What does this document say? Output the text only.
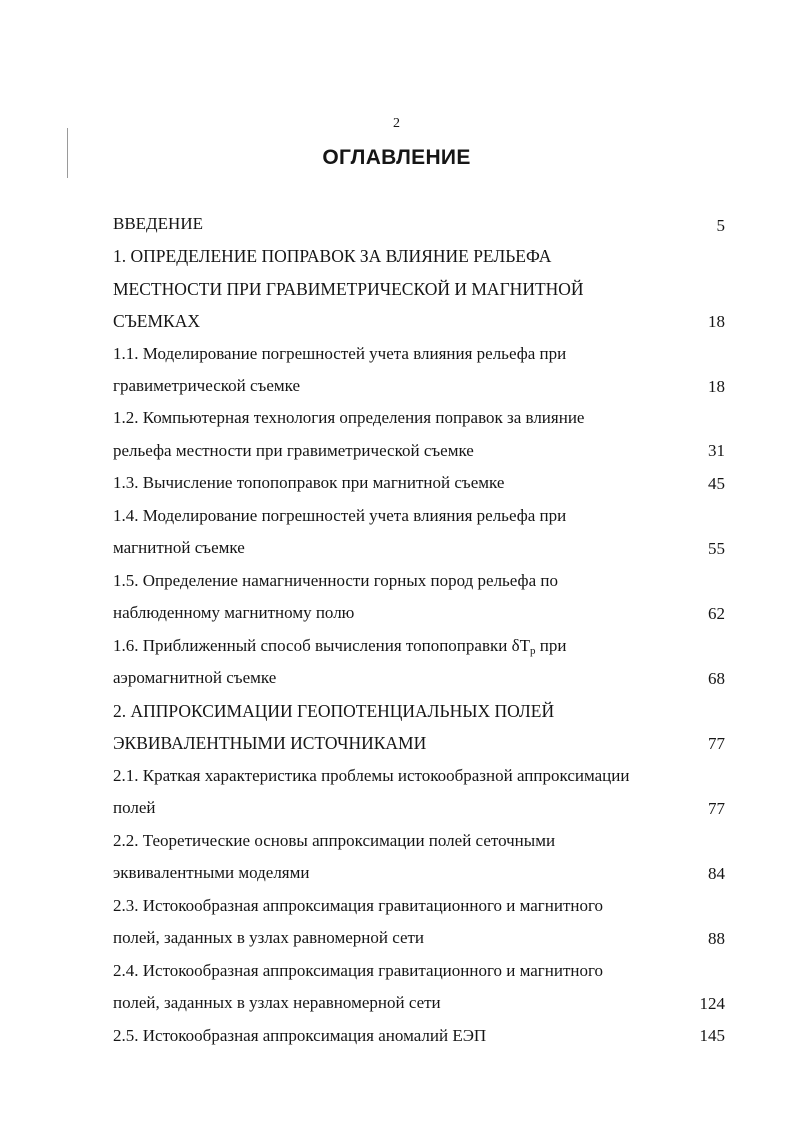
2
ОГЛАВЛЕНИЕ
ВВЕДЕНИЕ	5
1. ОПРЕДЕЛЕНИЕ ПОПРАВОК ЗА ВЛИЯНИЕ РЕЛЬЕФА
МЕСТНОСТИ ПРИ ГРАВИМЕТРИЧЕСКОЙ И МАГНИТНОЙ
СЪЕМКАХ	18
1.1. Моделирование погрешностей учета влияния рельефа при
гравиметрической съемке	18
1.2. Компьютерная технология определения поправок за влияние
рельефа местности при гравиметрической съемке	31
1.3. Вычисление топопоправок при магнитной съемке	45
1.4. Моделирование погрешностей учета влияния рельефа при
магнитной съемке	55
1.5. Определение намагниченности горных пород рельефа по
наблюденному магнитному полю	62
1.6. Приближенный способ вычисления топопоправки $\delta T_р$ при
аэромагнитной съемке	68
2. АППРОКСИМАЦИИ ГЕОПОТЕНЦИАЛЬНЫХ ПОЛЕЙ
ЭКВИВАЛЕНТНЫМИ ИСТОЧНИКАМИ	77
2.1. Краткая характеристика проблемы истокообразной аппроксимации
полей	77
2.2. Теоретические основы аппроксимации полей сеточными
эквивалентными моделями	84
2.3. Истокообразная аппроксимация гравитационного и магнитного
полей, заданных в узлах равномерной сети	88
2.4. Истокообразная аппроксимация гравитационного и магнитного
полей, заданных в узлах неравномерной сети	124
2.5. Истокообразная аппроксимация аномалий ЕЭП	145
